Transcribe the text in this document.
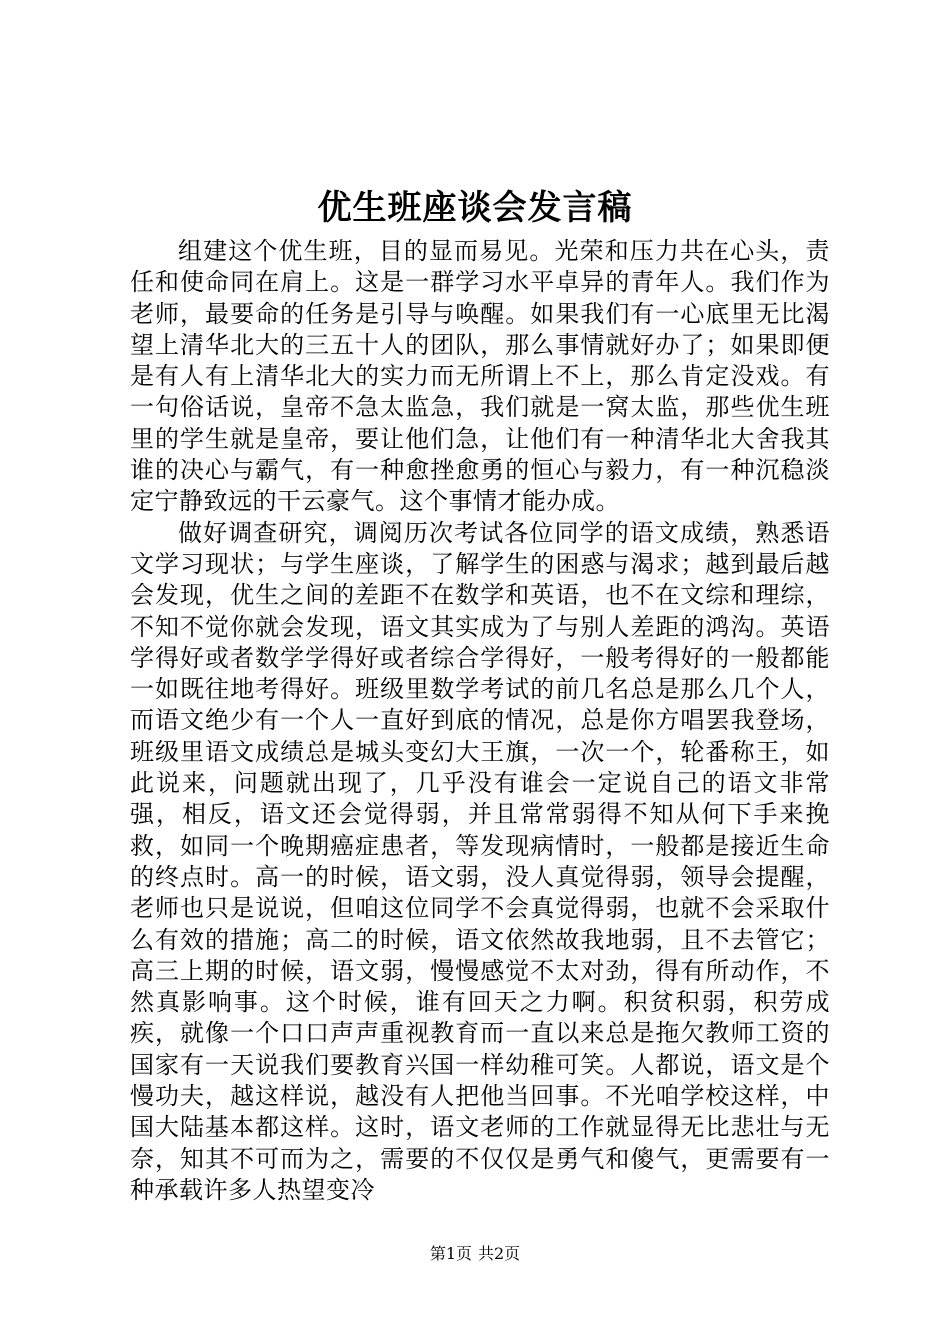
优生班座谈会发言稿

组建这个优生班，目的显而易见。光荣和压力共在心头，责任和使命同在肩上。这是一群学习水平卓异的青年人。我们作为老师，最要命的任务是引导与唤醒。如果我们有一心底里无比渴望上清华北大的三五十人的团队，那么事情就好办了；如果即便是有人有上清华北大的实力而无所谓上不上，那么肯定没戏。有一句俗话说，皇帝不急太监急，我们就是一窝太监，那些优生班里的学生就是皇帝，要让他们急，让他们有一种清华北大舍我其谁的决心与霸气，有一种愈挫愈勇的恒心与毅力，有一种沉稳淡定宁静致远的干云豪气。这个事情才能办成。

做好调查研究，调阅历次考试各位同学的语文成绩，熟悉语文学习现状；与学生座谈，了解学生的困惑与渴求；越到最后越会发现，优生之间的差距不在数学和英语，也不在文综和理综，不知不觉你就会发现，语文其实成为了与别人差距的鸿沟。英语学得好或者数学学得好或者综合学得好，一般考得好的一般都能一如既往地考得好。班级里数学考试的前几名总是那么几个人，而语文绝少有一个人一直好到底的情况，总是你方唱罢我登场，班级里语文成绩总是城头变幻大王旗，一次一个，轮番称王，如此说来，问题就出现了，几乎没有谁会一定说自己的语文非常强，相反，语文还会觉得弱，并且常常弱得不知从何下手来挽救，如同一个晚期癌症患者，等发现病情时，一般都是接近生命的终点时。高一的时候，语文弱，没人真觉得弱，领导会提醒，老师也只是说说，但咱这位同学不会真觉得弱，也就不会采取什么有效的措施；高二的时候，语文依然故我地弱，且不去管它；高三上期的时候，语文弱，慢慢感觉不太对劲，得有所动作，不然真影响事。这个时候，谁有回天之力啊。积贫积弱，积劳成疾，就像一个口口声声重视教育而一直以来总是拖欠教师工资的国家有一天说我们要教育兴国一样幼稚可笑。人都说，语文是个慢功夫，越这样说，越没有人把他当回事。不光咱学校这样，中国大陆基本都这样。这时，语文老师的工作就显得无比悲壮与无奈，知其不可而为之，需要的不仅仅是勇气和傻气，更需要有一种承载许多人热望变冷

第1页 共2页
